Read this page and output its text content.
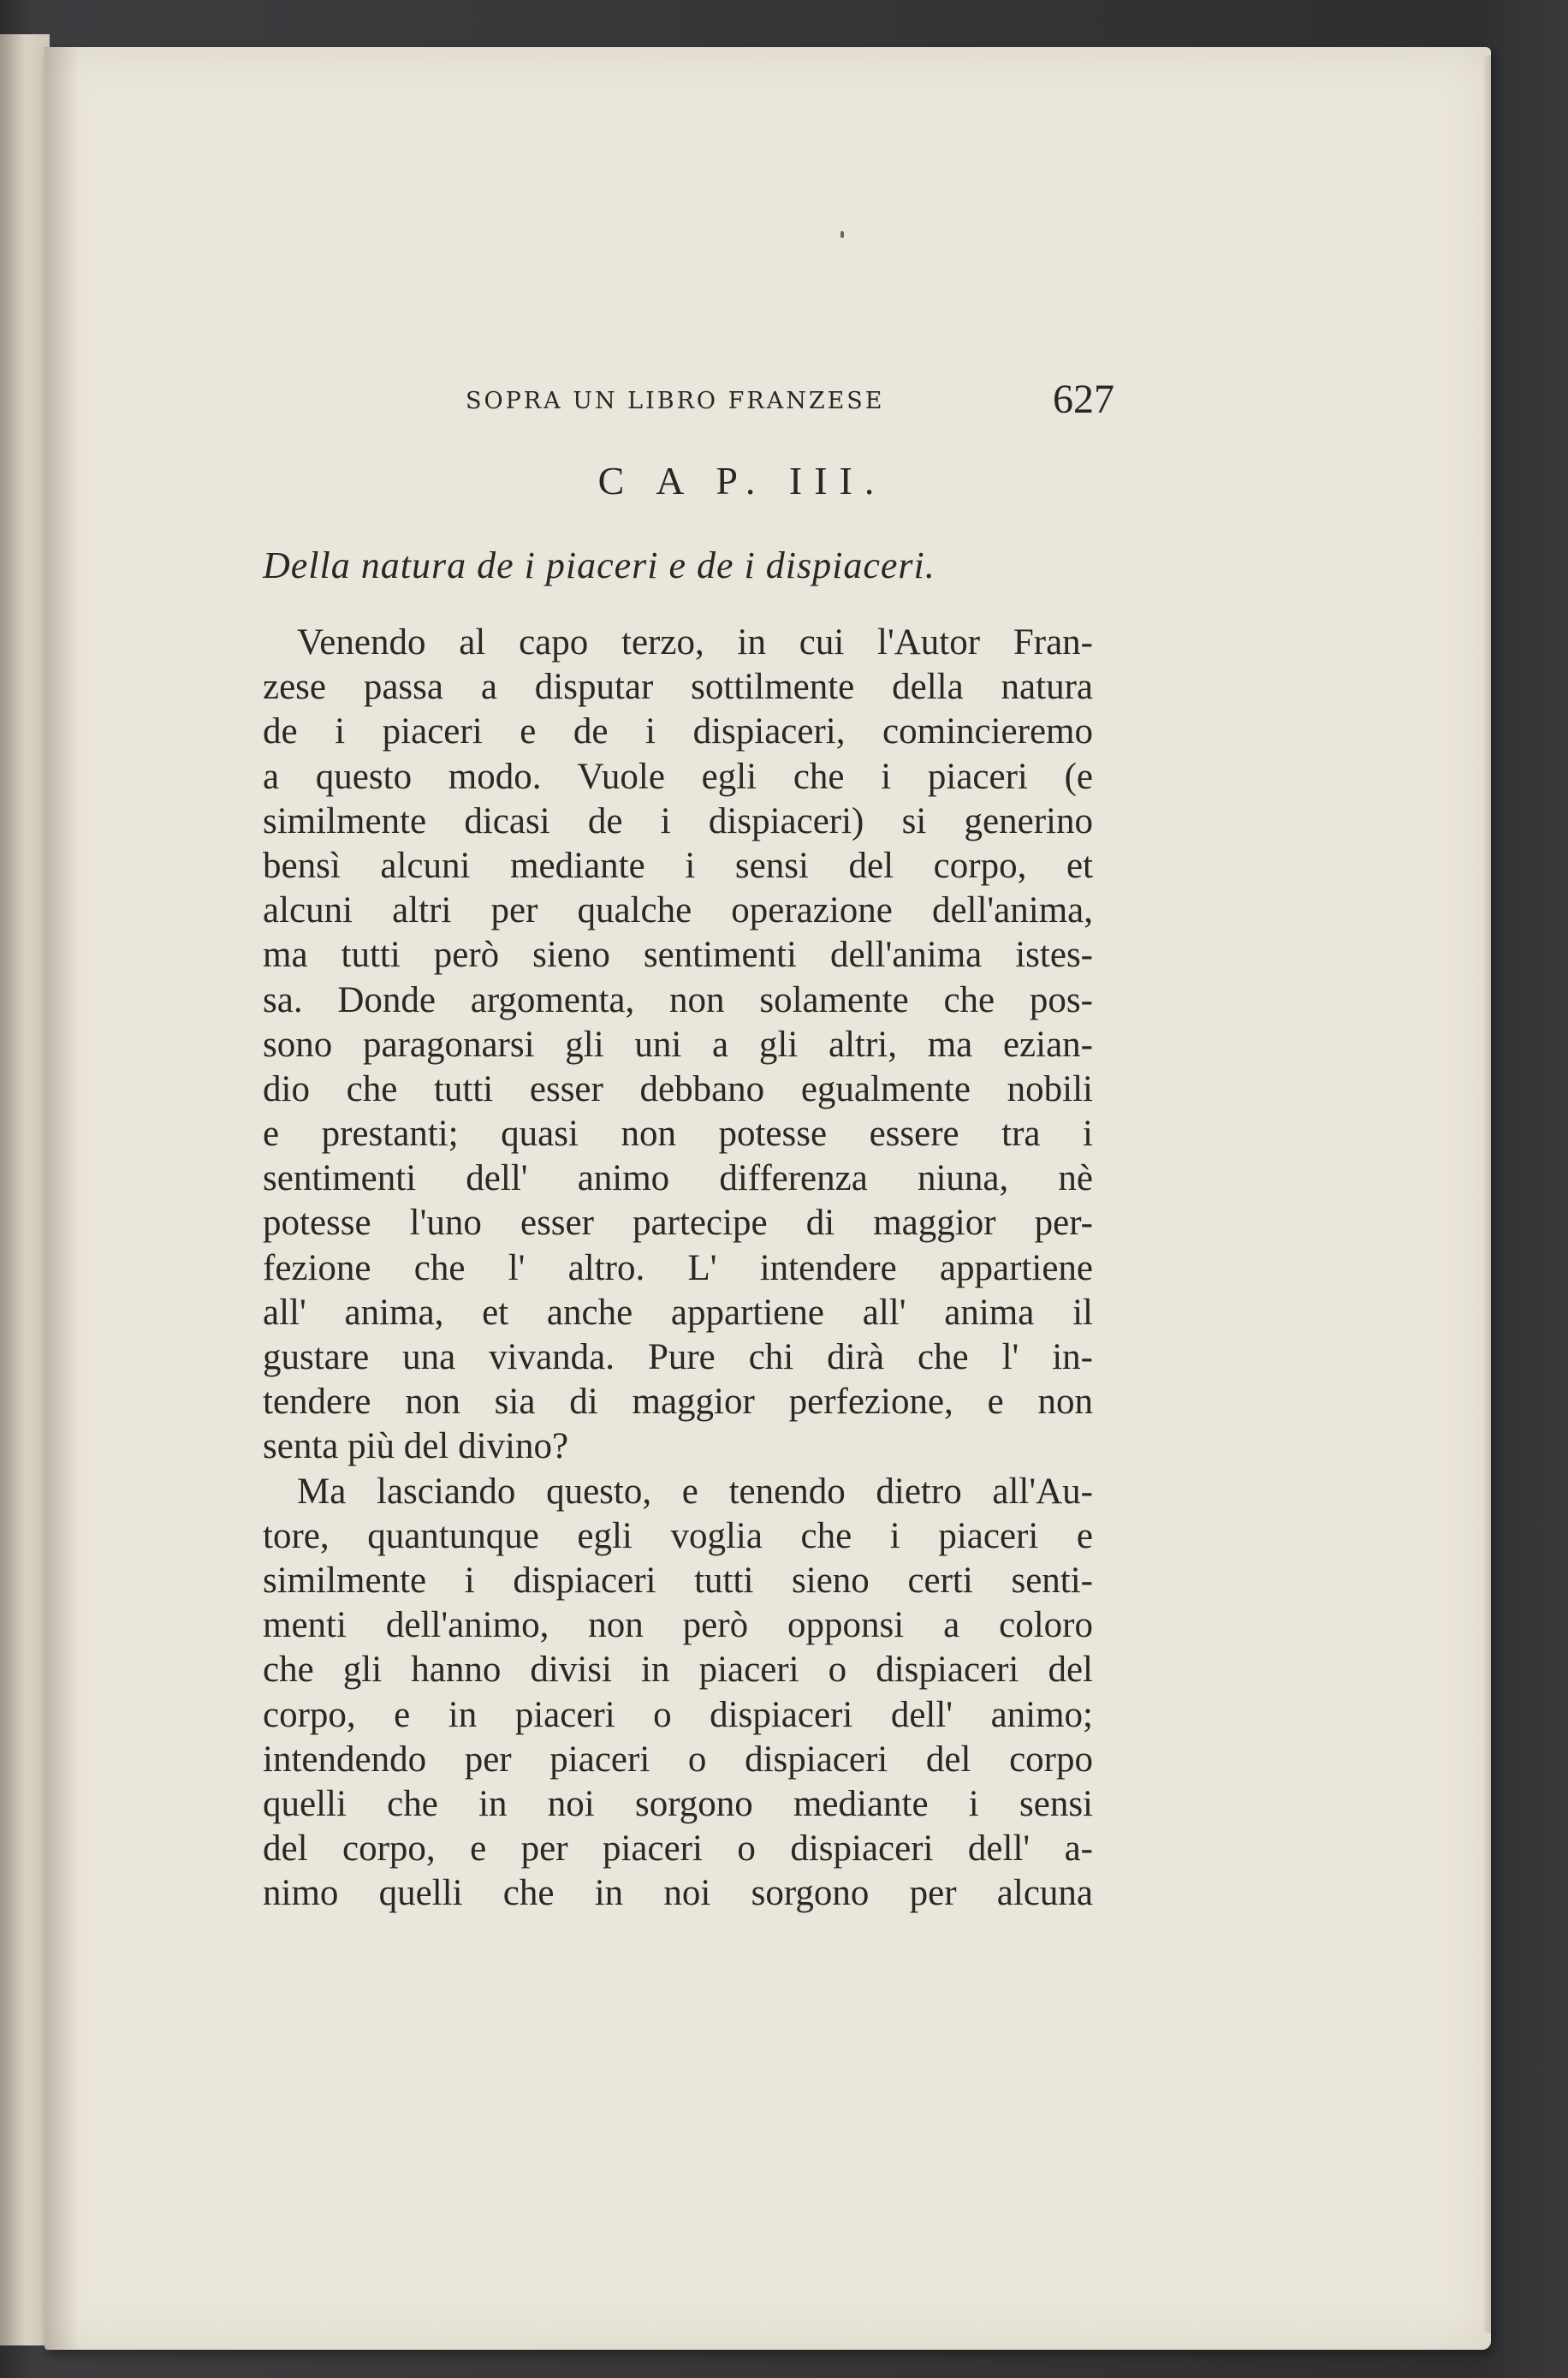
SOPRA UN LIBRO FRANZESE	627
C A P. III.
Della natura de i piaceri e de i dispiaceri.
Venendo al capo terzo, in cui l'Autor Fran-
zese passa a disputar sottilmente della natura
de i piaceri e de i dispiaceri, comincieremo
a questo modo. Vuole egli che i piaceri (e
similmente dicasi de i dispiaceri) si generino
bensì alcuni mediante i sensi del corpo, et
alcuni altri per qualche operazione dell'anima,
ma tutti però sieno sentimenti dell'anima istes-
sa. Donde argomenta, non solamente che pos-
sono paragonarsi gli uni a gli altri, ma ezian-
dio che tutti esser debbano egualmente nobili
e prestanti; quasi non potesse essere tra i
sentimenti dell' animo differenza niuna, nè
potesse l'uno esser partecipe di maggior per-
fezione che l' altro. L' intendere appartiene
all' anima, et anche appartiene all' anima il
gustare una vivanda. Pure chi dirà che l' in-
tendere non sia di maggior perfezione, e non
senta più del divino?
Ma lasciando questo, e tenendo dietro all'Au-
tore, quantunque egli voglia che i piaceri e
similmente i dispiaceri tutti sieno certi senti-
menti dell'animo, non però opponsi a coloro
che gli hanno divisi in piaceri o dispiaceri del
corpo, e in piaceri o dispiaceri dell' animo;
intendendo per piaceri o dispiaceri del corpo
quelli che in noi sorgono mediante i sensi
del corpo, e per piaceri o dispiaceri dell' a-
nimo quelli che in noi sorgono per alcuna
